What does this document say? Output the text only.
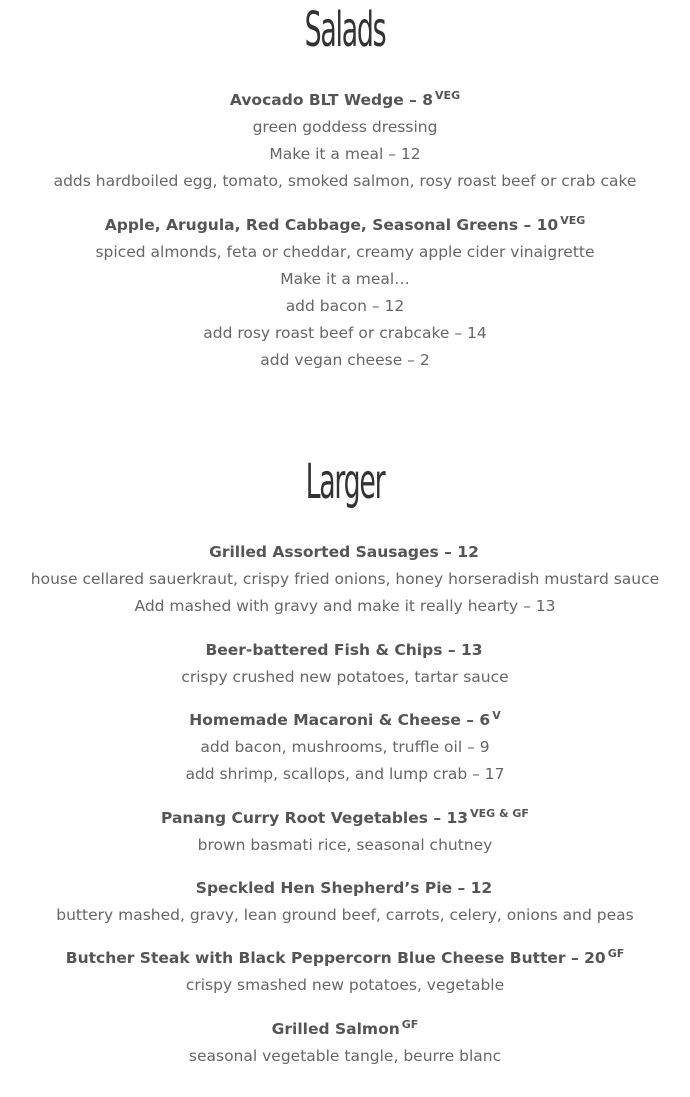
Salads
Avocado BLT Wedge – 8 $^{VEG}$
green goddess dressing
Make it a meal – 12
adds hardboiled egg, tomato, smoked salmon, rosy roast beef or crab cake
Apple, Arugula, Red Cabbage, Seasonal Greens – 10 $^{VEG}$
spiced almonds, feta or cheddar, creamy apple cider vinaigrette
Make it a meal…
add bacon – 12
add rosy roast beef or crabcake – 14
add vegan cheese – 2
Larger
Grilled Assorted Sausages – 12
house cellared sauerkraut, crispy fried onions, honey horseradish mustard sauce
Add mashed with gravy and make it really hearty – 13
Beer-battered Fish & Chips – 13
crispy crushed new potatoes, tartar sauce
Homemade Macaroni & Cheese – 6 $^V$
add bacon, mushrooms, truffle oil – 9
add shrimp, scallops, and lump crab – 17
Panang Curry Root Vegetables – 13 $^{VEG \& GF}$
brown basmati rice, seasonal chutney
Speckled Hen Shepherd’s Pie – 12
buttery mashed, gravy, lean ground beef, carrots, celery, onions and peas
Butcher Steak with Black Peppercorn Blue Cheese Butter – 20 $^{GF}$
crispy smashed new potatoes, vegetable
Grilled Salmon $^{GF}$
seasonal vegetable tangle, beurre blanc
